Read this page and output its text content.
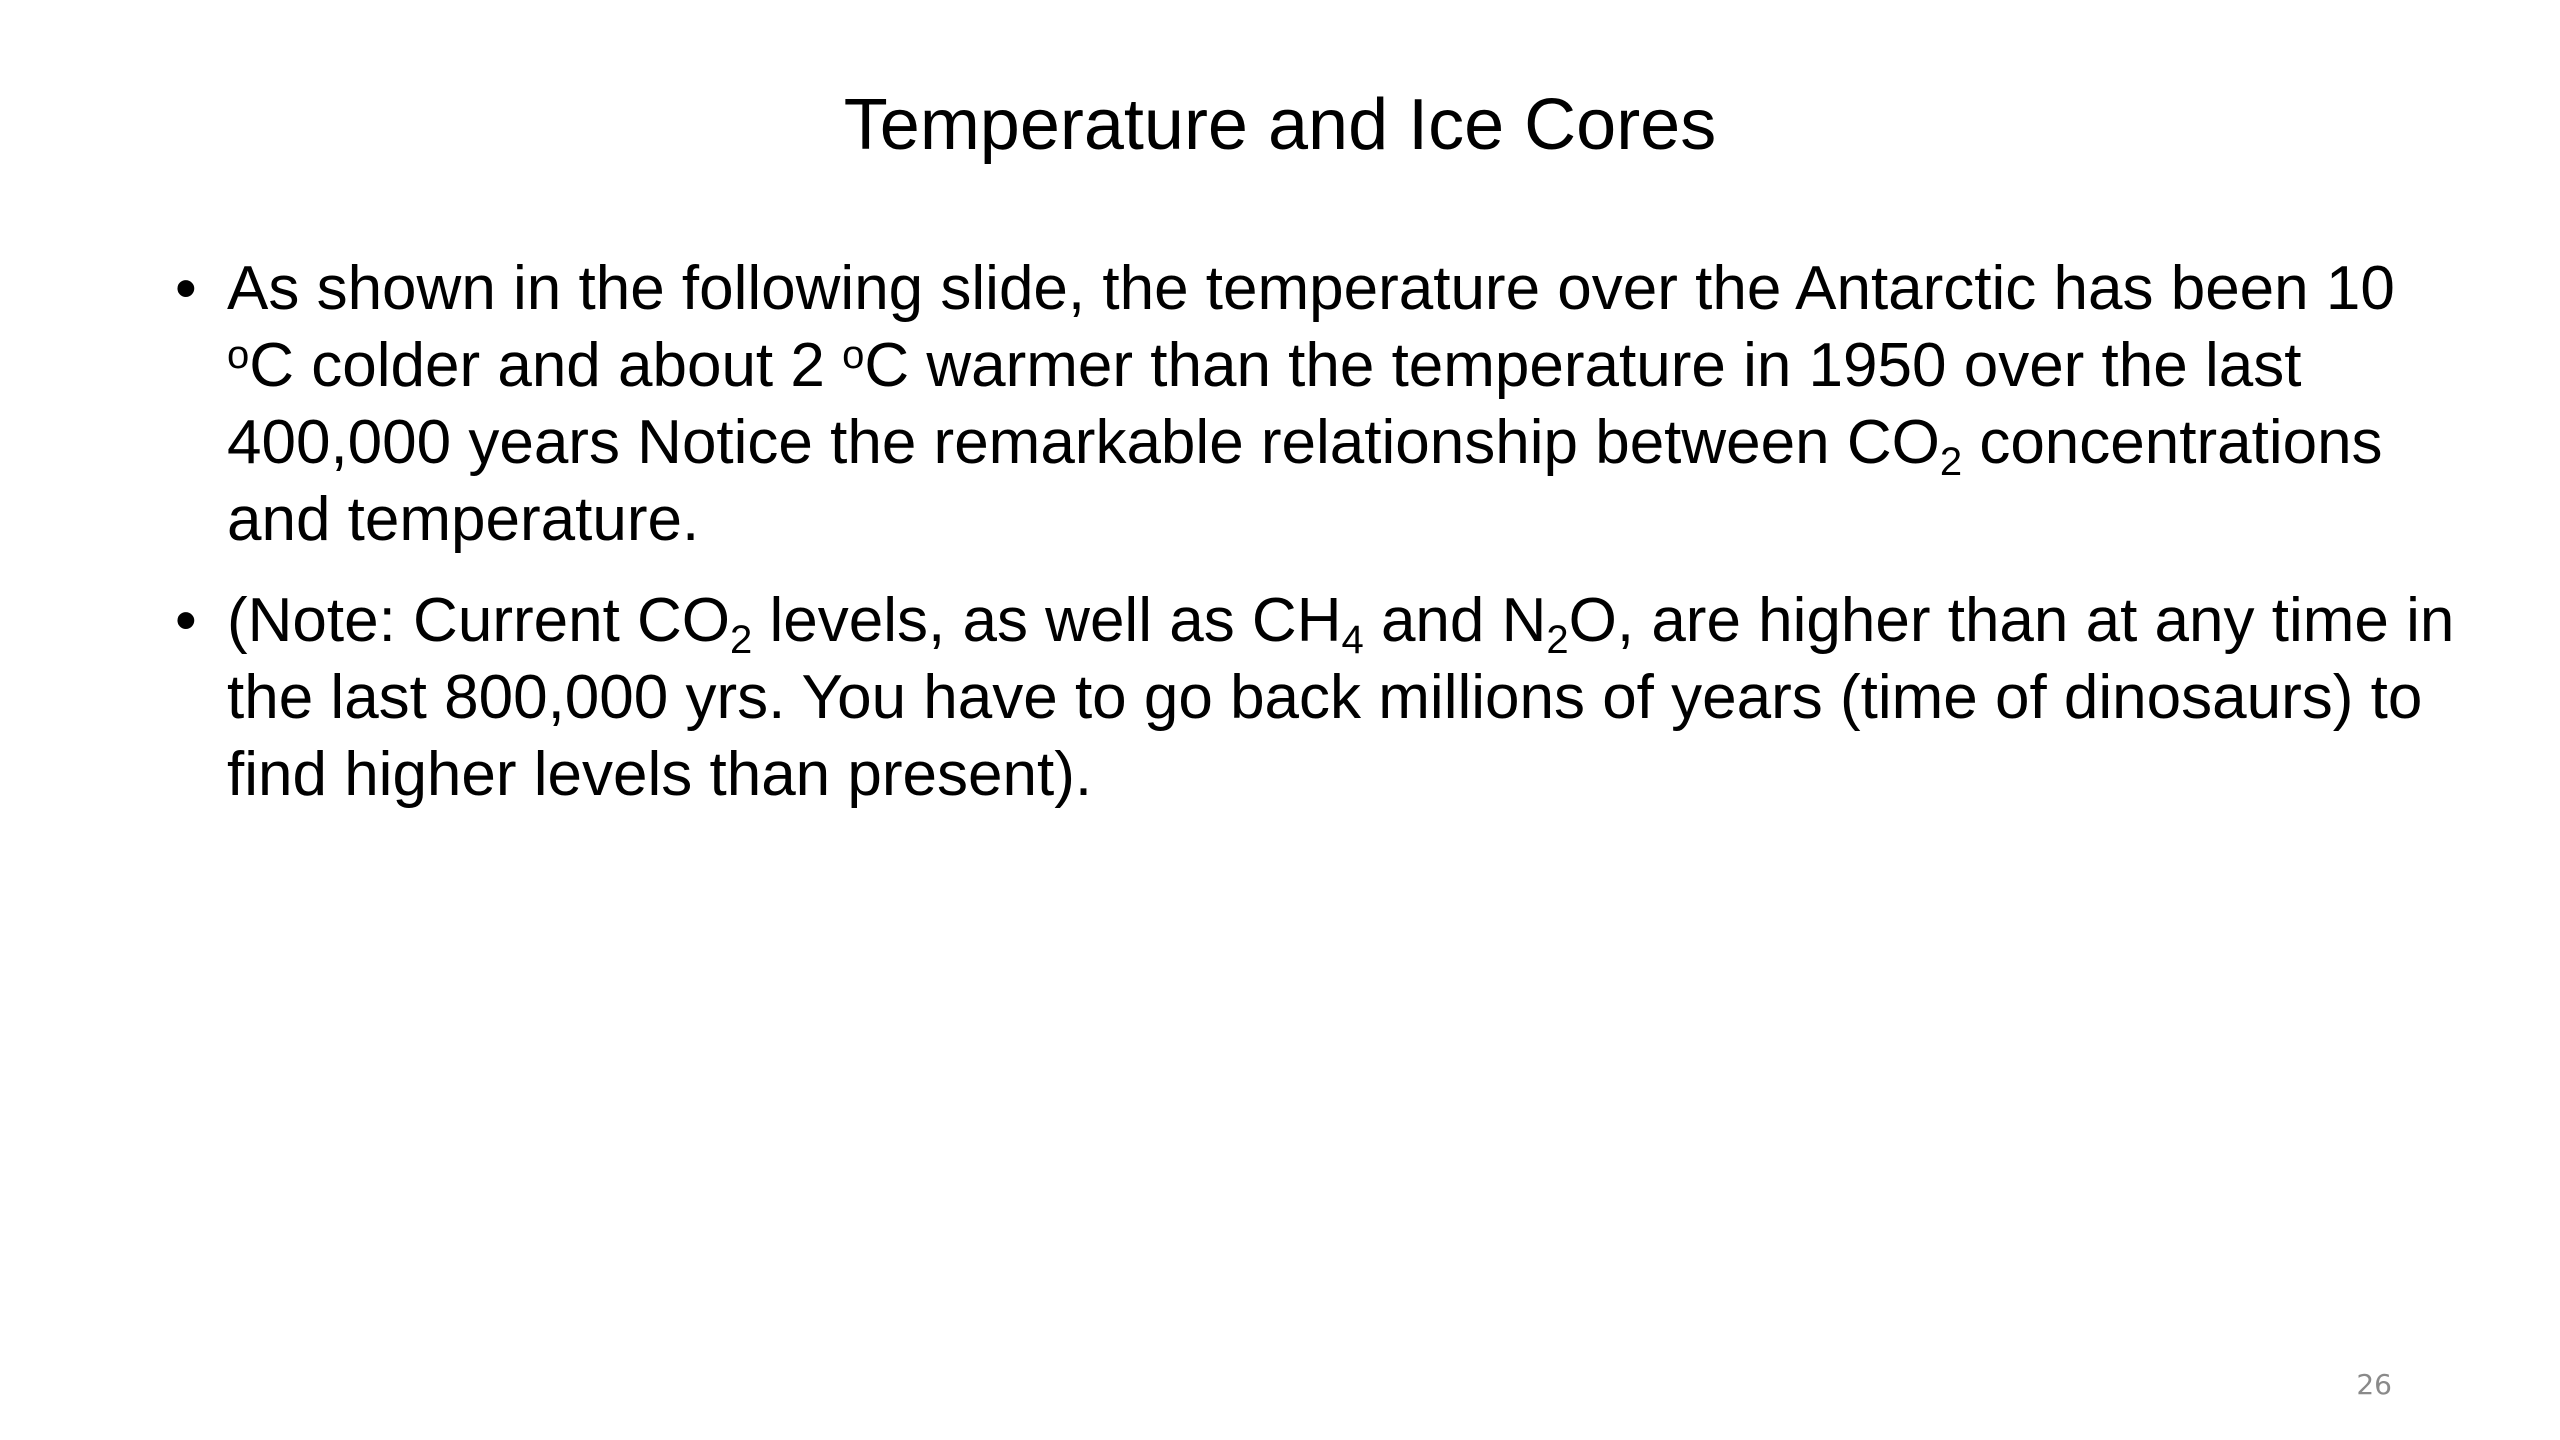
Temperature and Ice Cores
• As shown in the following slide, the temperature over the Antarctic has been 10 $^o$C colder and about 2 $^o$C warmer than the temperature in 1950 over the last 400,000 years Notice the remarkable relationship between $CO_2$ concentrations and temperature.
• (Note: Current $CO_2$ levels, as well as $CH_4$ and $N_2O$, are higher than at any time in the last 800,000 yrs. You have to go back millions of years (time of dinosaurs) to find higher levels than present).
26
